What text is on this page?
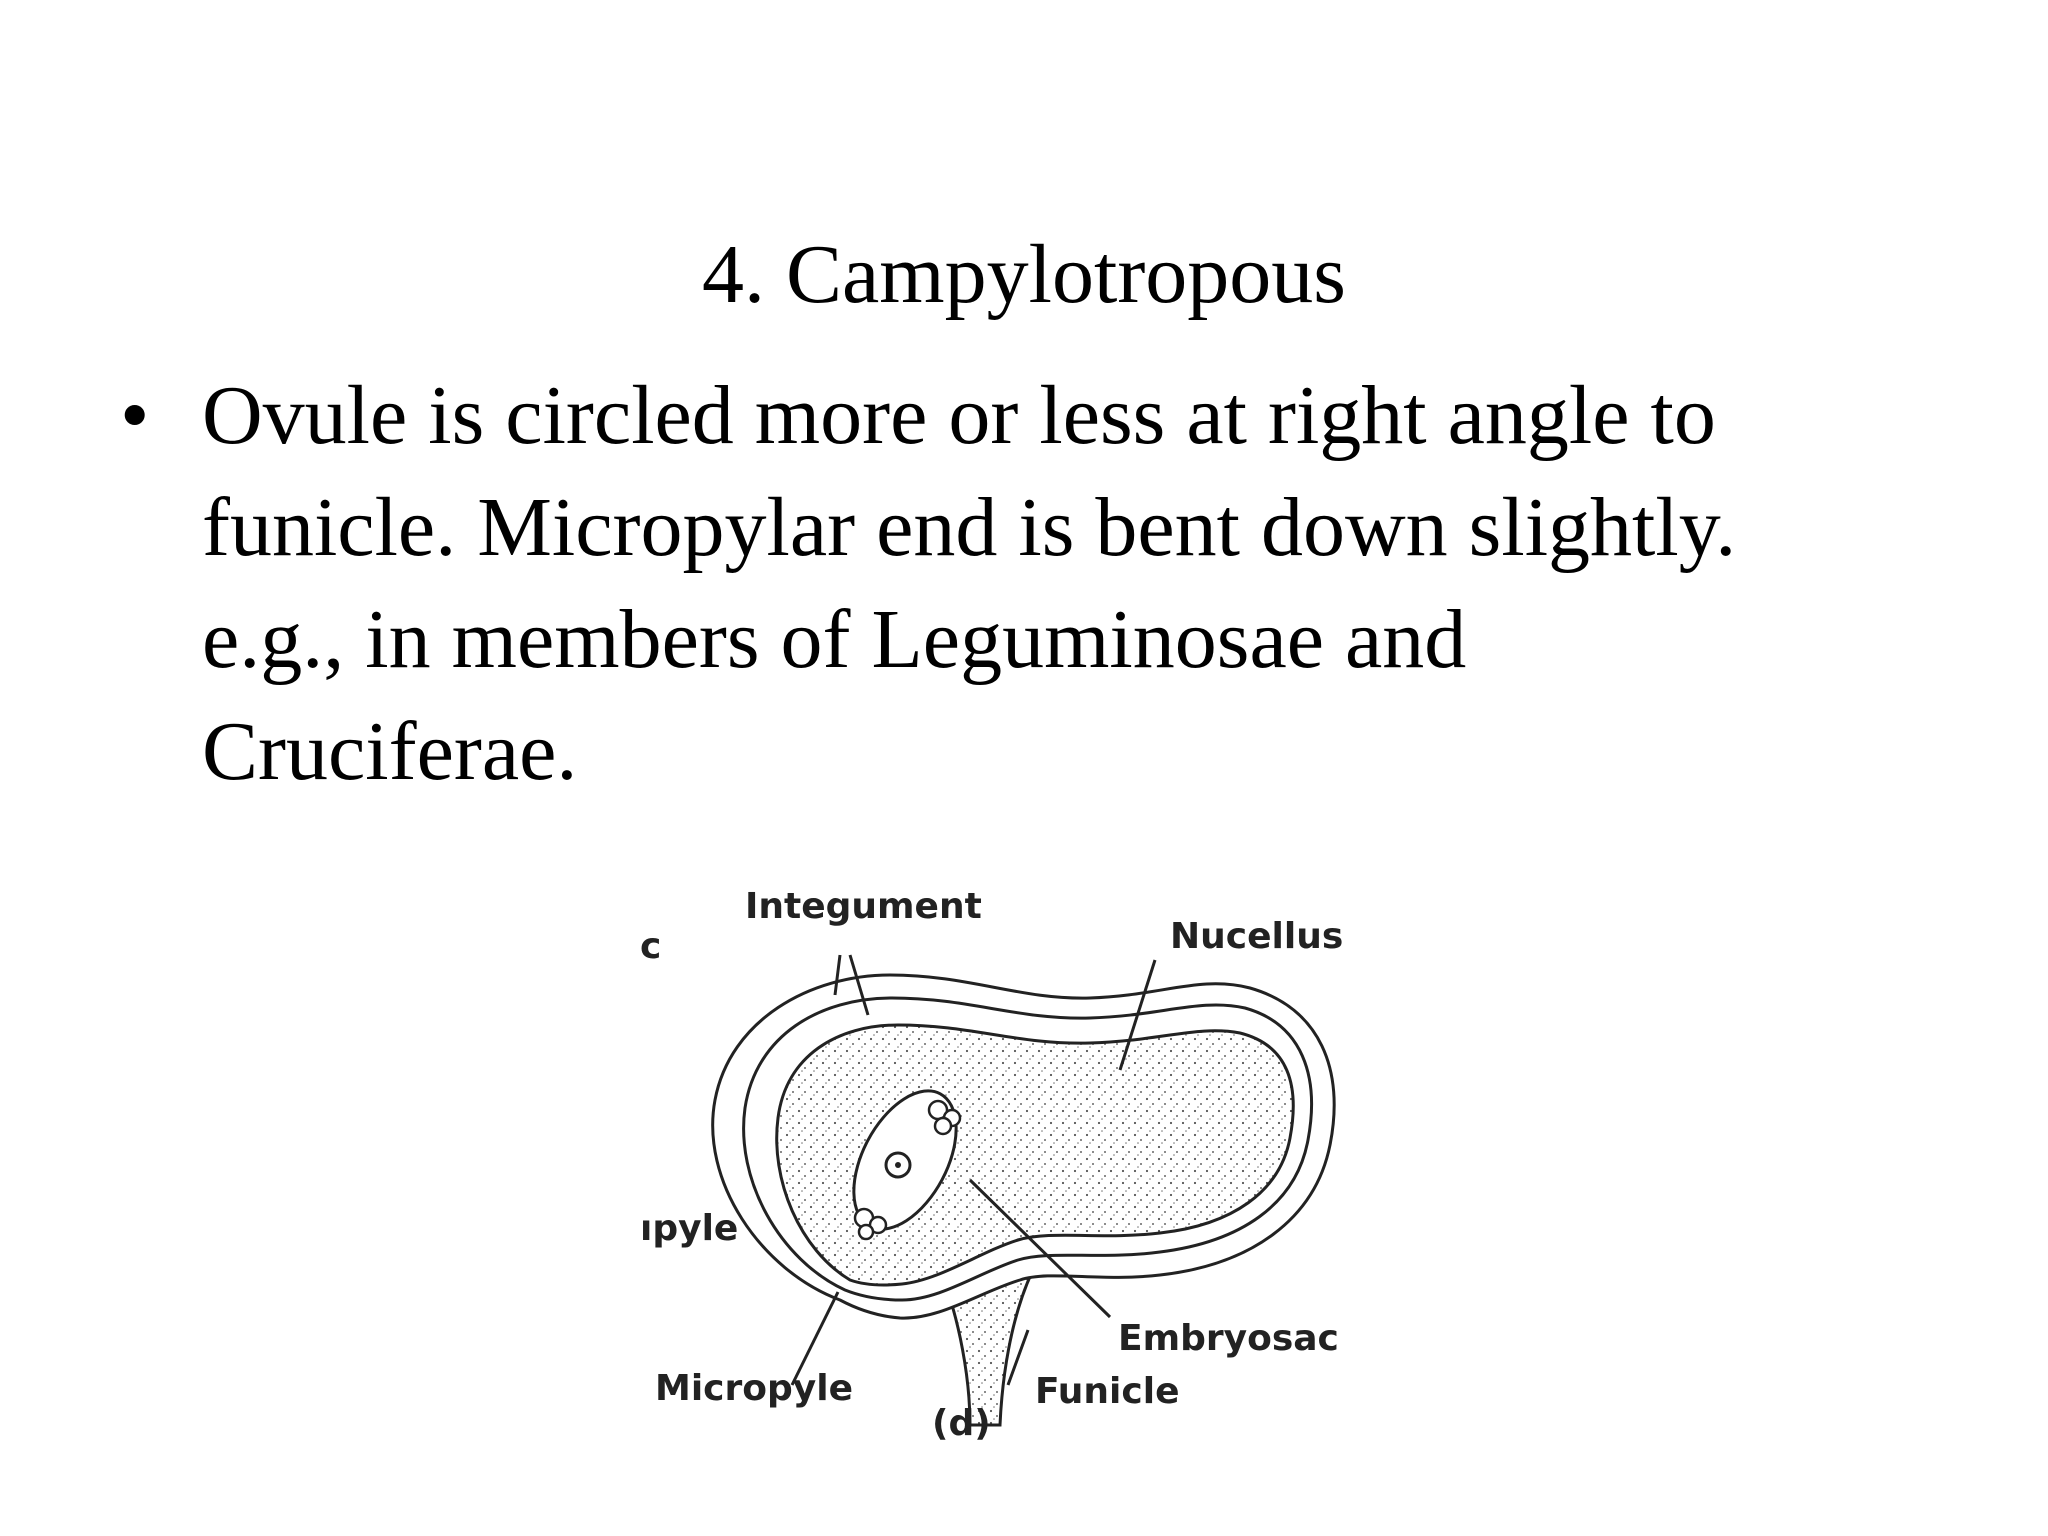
4. Campylotropous
• Ovule is circled more or less at right angle to
funicle. Micropylar end is bent down slightly.
e.g., in members of Leguminosae and
Cruciferae.
Integument
Nucellus
c
ıpyle
Embryosac
Micropyle	Funicle
(d)
